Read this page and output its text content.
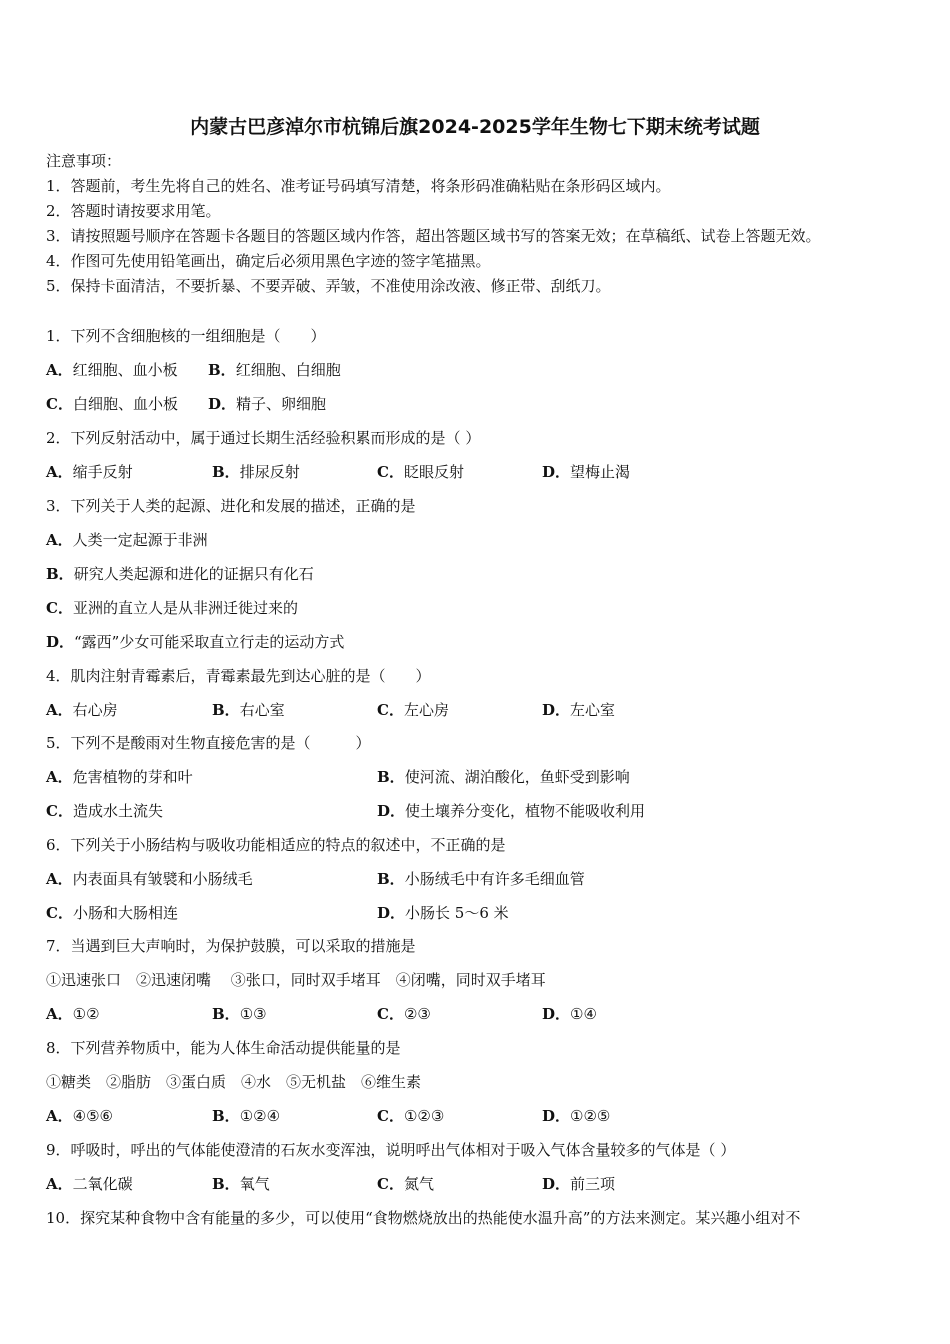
内蒙古巴彦淖尔市杭锦后旗2024-2025学年生物七下期末统考试题
注意事项：
1．答题前，考生先将自己的姓名、准考证号码填写清楚，将条形码准确粘贴在条形码区域内。
2．答题时请按要求用笔。
3．请按照题号顺序在答题卡各题目的答题区域内作答，超出答题区域书写的答案无效；在草稿纸、试卷上答题无效。
4．作图可先使用铅笔画出，确定后必须用黑色字迹的签字笔描黑。
5．保持卡面清洁，不要折暴、不要弄破、弄皱，不准使用涂改液、修正带、刮纸刀。
1．下列不含细胞核的一组细胞是（　　）
A．红细胞、血小板 B．红细胞、白细胞
C．白细胞、血小板 D．精子、卵细胞
2．下列反射活动中，属于通过长期生活经验积累而形成的是（ ）
A．缩手反射	B．排尿反射	C．眨眼反射	D．望梅止渴
3．下列关于人类的起源、进化和发展的描述，正确的是
A．人类一定起源于非洲
B．研究人类起源和进化的证据只有化石
C．亚洲的直立人是从非洲迁徙过来的
D．“露西”少女可能采取直立行走的运动方式
4．肌肉注射青霉素后，青霉素最先到达心脏的是（　　）
A．右心房	B．右心室	C．左心房	D．左心室
5．下列不是酸雨对生物直接危害的是（　　　）
A．危害植物的芽和叶	B．使河流、湖泊酸化，鱼虾受到影响
C．造成水土流失	D．使土壤养分变化，植物不能吸收利用
6．下列关于小肠结构与吸收功能相适应的特点的叙述中，不正确的是
A．内表面具有皱襞和小肠绒毛	B．小肠绒毛中有许多毛细血管
C．小肠和大肠相连	D．小肠长 5～6 米
7．当遇到巨大声响时，为保护鼓膜，可以采取的措施是
①迅速张口　②迅速闭嘴　 ③张口，同时双手堵耳　④闭嘴，同时双手堵耳
A．①②	B．①③	C．②③	D．①④
8．下列营养物质中，能为人体生命活动提供能量的是
①糖类　②脂肪　③蛋白质　④水　⑤无机盐　⑥维生素
A．④⑤⑥	B．①②④	C．①②③	D．①②⑤
9．呼吸时，呼出的气体能使澄清的石灰水变浑浊，说明呼出气体相对于吸入气体含量较多的气体是（ ）
A．二氧化碳	B．氧气	C．氮气	D．前三项
10．探究某种食物中含有能量的多少，可以使用“食物燃烧放出的热能使水温升高”的方法来测定。某兴趣小组对不
